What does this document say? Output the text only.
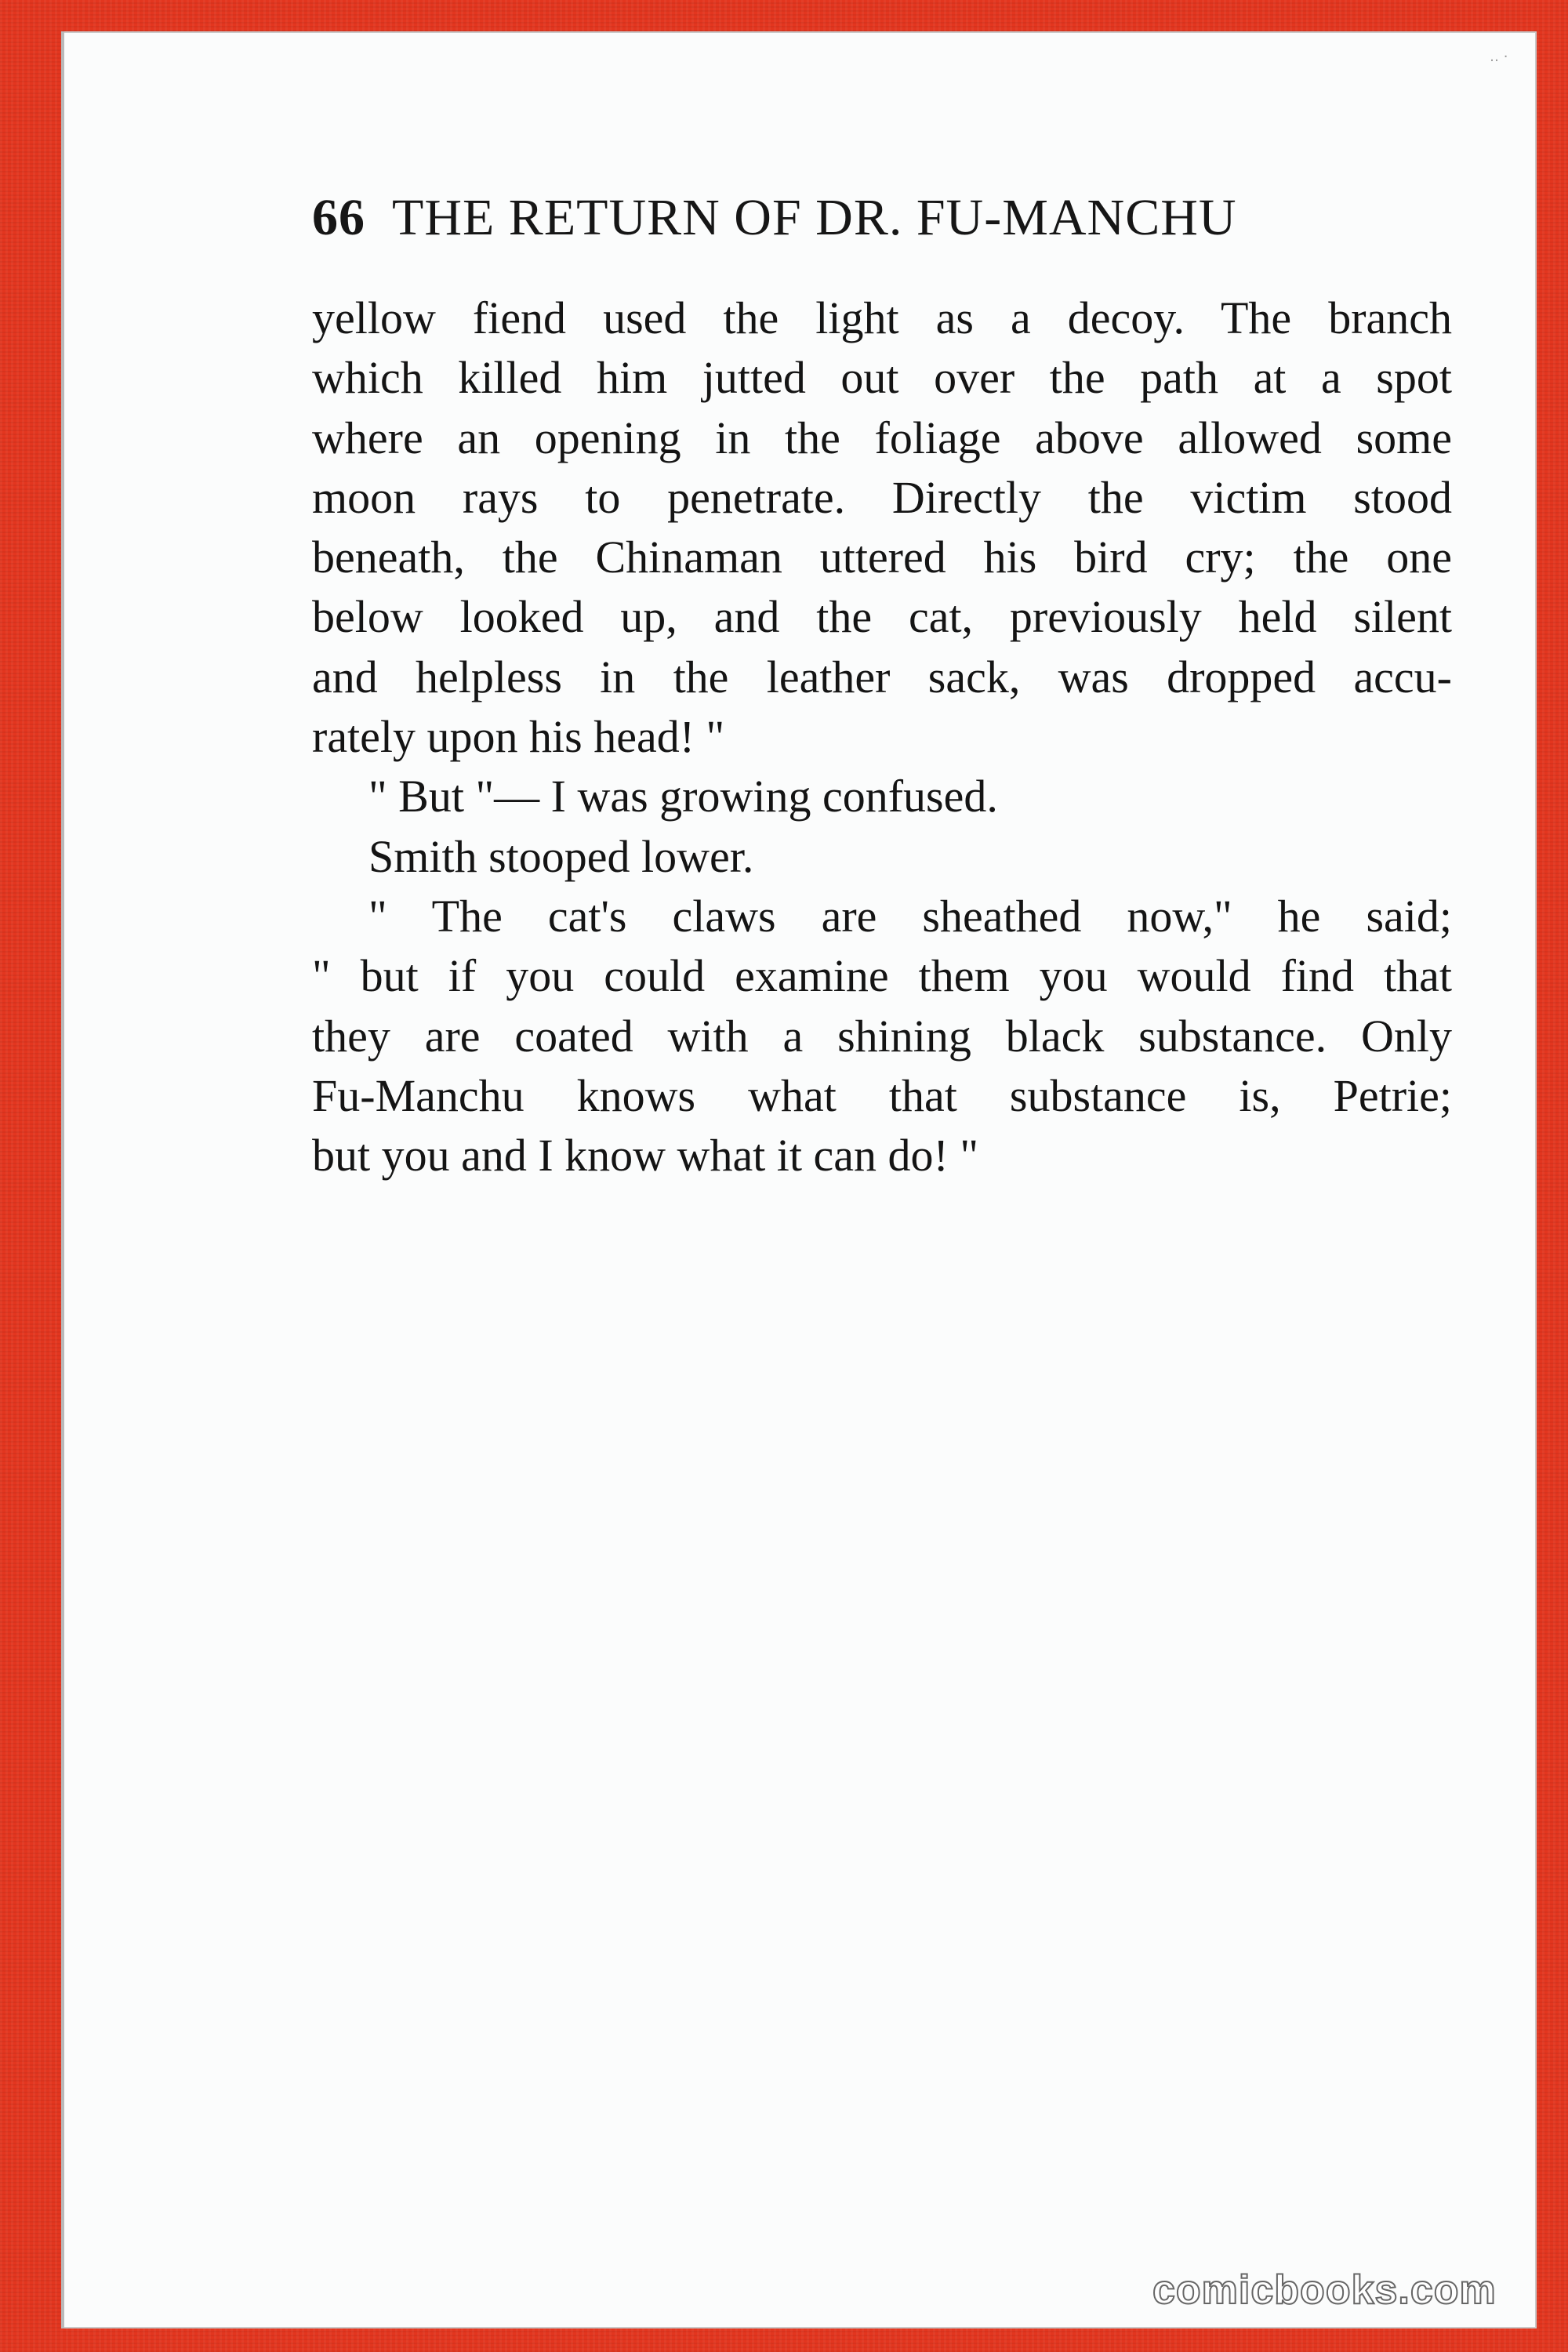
‥ ·
66 THE RETURN OF DR. FU-MANCHU
yellow fiend used the light as a decoy. The branch
which killed him jutted out over the path at a spot
where an opening in the foliage above allowed some
moon rays to penetrate. Directly the victim stood
beneath, the Chinaman uttered his bird cry; the one
below looked up, and the cat, previously held silent
and helpless in the leather sack, was dropped accu-
rately upon his head! "
" But "— I was growing confused.
Smith stooped lower.
" The cat's claws are sheathed now," he said;
" but if you could examine them you would find that
they are coated with a shining black substance. Only
Fu-Manchu knows what that substance is, Petrie;
but you and I know what it can do! "
comicbooks.com
